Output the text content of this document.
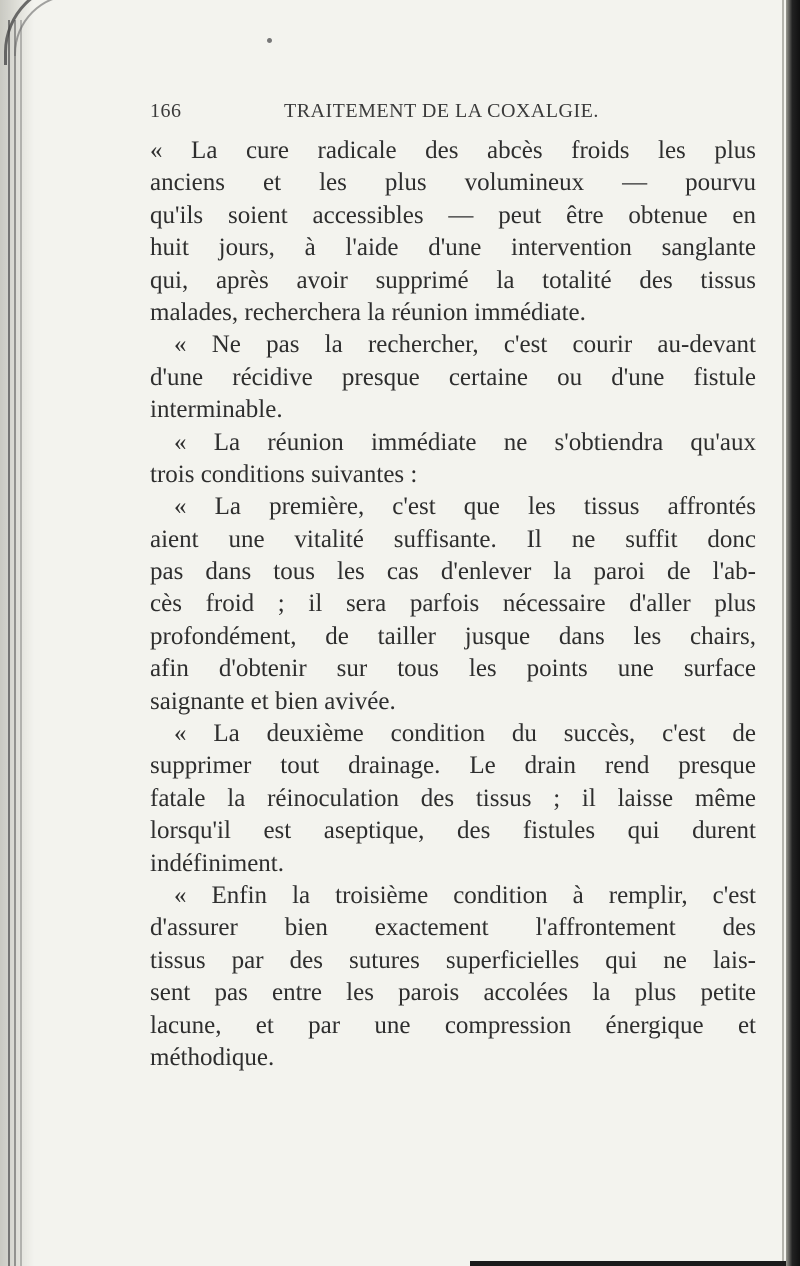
166	TRAITEMENT DE LA COXALGIE.
« La cure radicale des abcès froids les plus
anciens et les plus volumineux — pourvu
qu'ils soient accessibles — peut être obtenue en
huit jours, à l'aide d'une intervention sanglante
qui, après avoir supprimé la totalité des tissus
malades, recherchera la réunion immédiate.
« Ne pas la rechercher, c'est courir au-devant
d'une récidive presque certaine ou d'une fistule
interminable.
« La réunion immédiate ne s'obtiendra qu'aux
trois conditions suivantes :
« La première, c'est que les tissus affrontés
aient une vitalité suffisante. Il ne suffit donc
pas dans tous les cas d'enlever la paroi de l'ab-
cès froid ; il sera parfois nécessaire d'aller plus
profondément, de tailler jusque dans les chairs,
afin d'obtenir sur tous les points une surface
saignante et bien avivée.
« La deuxième condition du succès, c'est de
supprimer tout drainage. Le drain rend presque
fatale la réinoculation des tissus ; il laisse même
lorsqu'il est aseptique, des fistules qui durent
indéfiniment.
« Enfin la troisième condition à remplir, c'est
d'assurer bien exactement l'affrontement des
tissus par des sutures superficielles qui ne lais-
sent pas entre les parois accolées la plus petite
lacune, et par une compression énergique et
méthodique.
